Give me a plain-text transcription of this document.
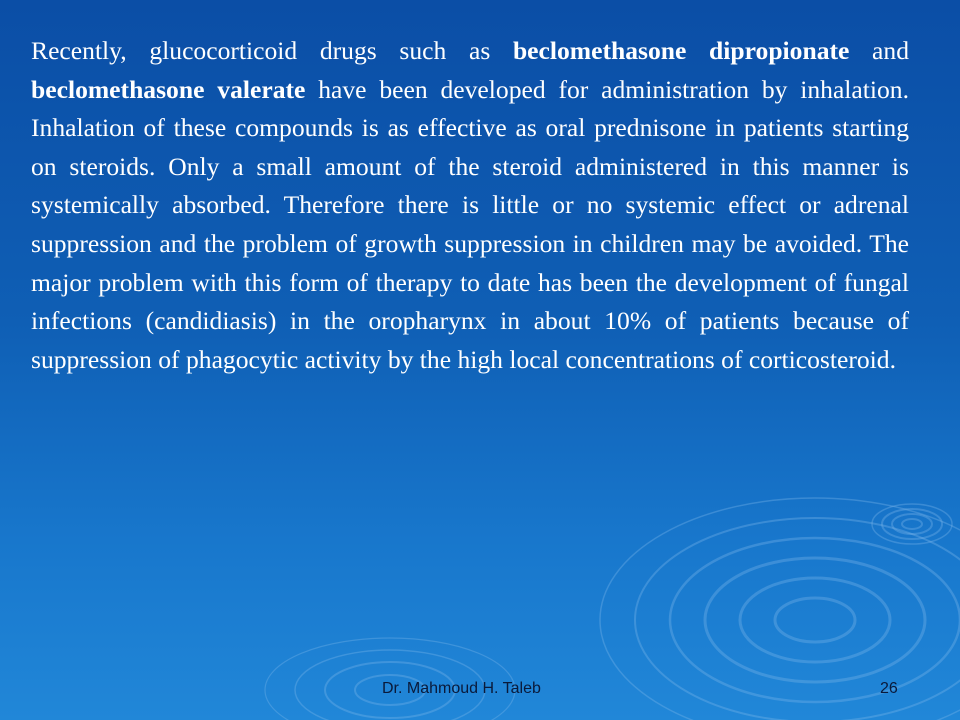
Recently, glucocorticoid drugs such as beclomethasone dipropionate and beclomethasone valerate have been developed for administration by inhalation. Inhalation of these compounds is as effective as oral prednisone in patients starting on steroids. Only a small amount of the steroid administered in this manner is systemically absorbed. Therefore there is little or no systemic effect or adrenal suppression and the problem of growth suppression in children may be avoided. The major problem with this form of therapy to date has been the development of fungal infections (candidiasis) in the oropharynx in about 10% of patients because of suppression of phagocytic activity by the high local concentrations of corticosteroid.

Dr. Mahmoud H. Taleb	26
